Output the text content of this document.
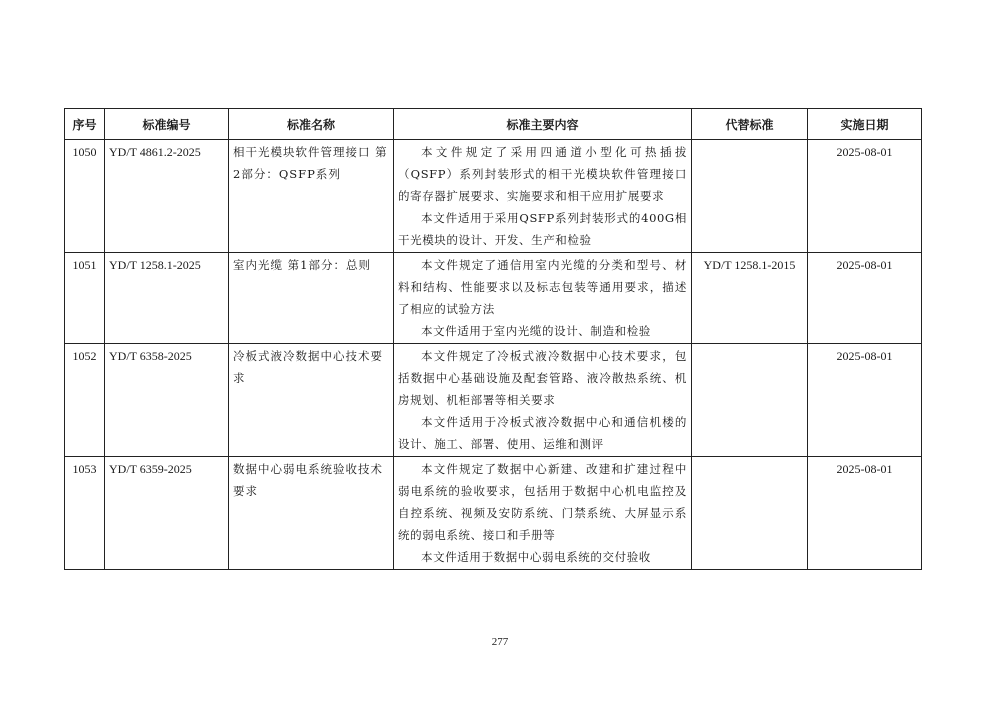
序号	标准编号	标准名称	标准主要内容	代替标准	实施日期
1050	YD/T 4861.2-2025	相干光模块软件管理接口 第2部分：QSFP系列	本文件规定了采用四通道小型化可热插拔（QSFP）系列封装形式的相干光模块软件管理接口的寄存器扩展要求、实施要求和相干应用扩展要求

本文件适用于采用QSFP系列封装形式的400G相干光模块的设计、开发、生产和检验		2025-08-01
1051	YD/T 1258.1-2025	室内光缆 第1部分：总则	本文件规定了通信用室内光缆的分类和型号、材料和结构、性能要求以及标志包装等通用要求，描述了相应的试验方法

本文件适用于室内光缆的设计、制造和检验	YD/T 1258.1-2015	2025-08-01
1052	YD/T 6358-2025	冷板式液冷数据中心技术要求	本文件规定了冷板式液冷数据中心技术要求，包括数据中心基础设施及配套管路、液冷散热系统、机房规划、机柜部署等相关要求

本文件适用于冷板式液冷数据中心和通信机楼的设计、施工、部署、使用、运维和测评		2025-08-01
1053	YD/T 6359-2025	数据中心弱电系统验收技术要求	本文件规定了数据中心新建、改建和扩建过程中弱电系统的验收要求，包括用于数据中心机电监控及自控系统、视频及安防系统、门禁系统、大屏显示系统的弱电系统、接口和手册等

本文件适用于数据中心弱电系统的交付验收		2025-08-01
277
